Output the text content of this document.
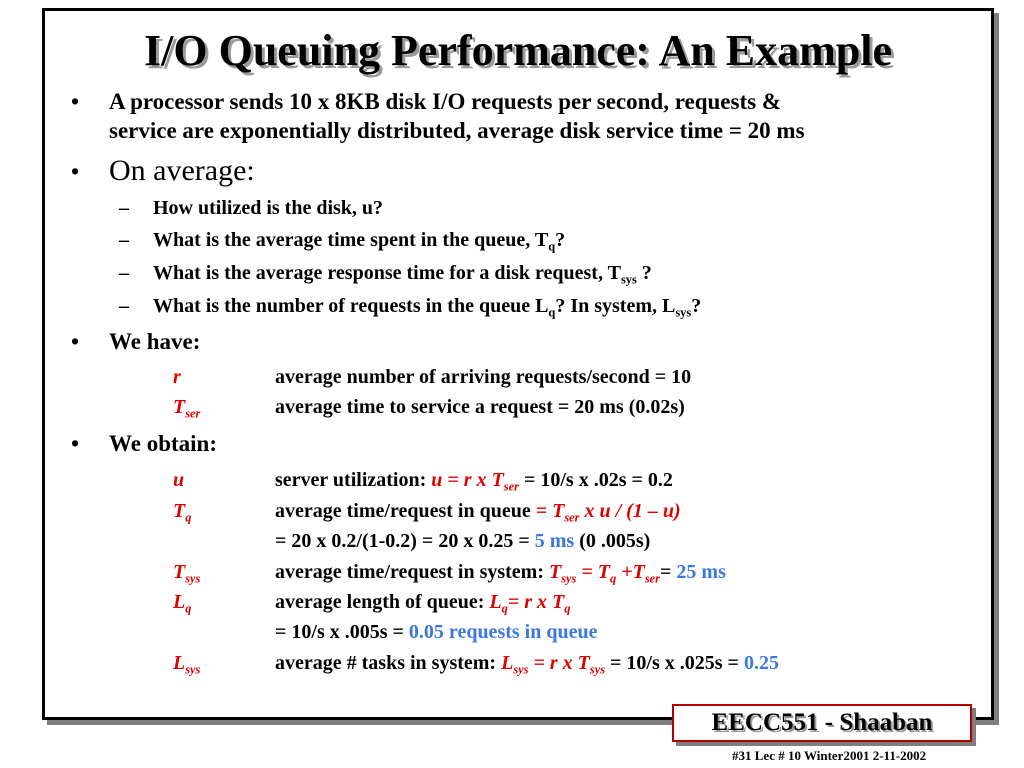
I/O Queuing Performance: An Example
• A processor sends 10 x 8KB disk I/O requests per second, requests &
service are exponentially distributed, average disk service time = 20 ms
• On average:
– How utilized is the disk, u?
– What is the average time spent in the queue, $T_q$?
– What is the average response time for a disk request, $T_{sys}$ ?
– What is the number of requests in the queue $L_q$? In system, $L_{sys}$?
• We have:
r	average number of arriving requests/second = 10
$T_{ser}$	average time to service a request = 20 ms (0.02s)
• We obtain:
u	server utilization: u = r x $T_{ser} = 10/s$ x .02s = 0.2
$T_q$	average time/request in queue = $T_{ser}$ x u / (1 – u)
= 20 x 0.2/(1-0.2) = 20 x 0.25 = 5 ms (0 .005s)
$T_{sys}$	average time/request in system: $T_{sys} = T_q +T_{ser}= 25$ ms
$L_q$	average length of queue: $L_q= r$ x $T_q$
= 10/s x .005s = 0.05 requests in queue
$L_{sys}$	average # tasks in system: $L_{sys} = r$ x $T_{sys} = 10/s$ x .025s = 0.25
EECC551 - Shaaban
#31 Lec # 10 Winter2001 2-11-2002
